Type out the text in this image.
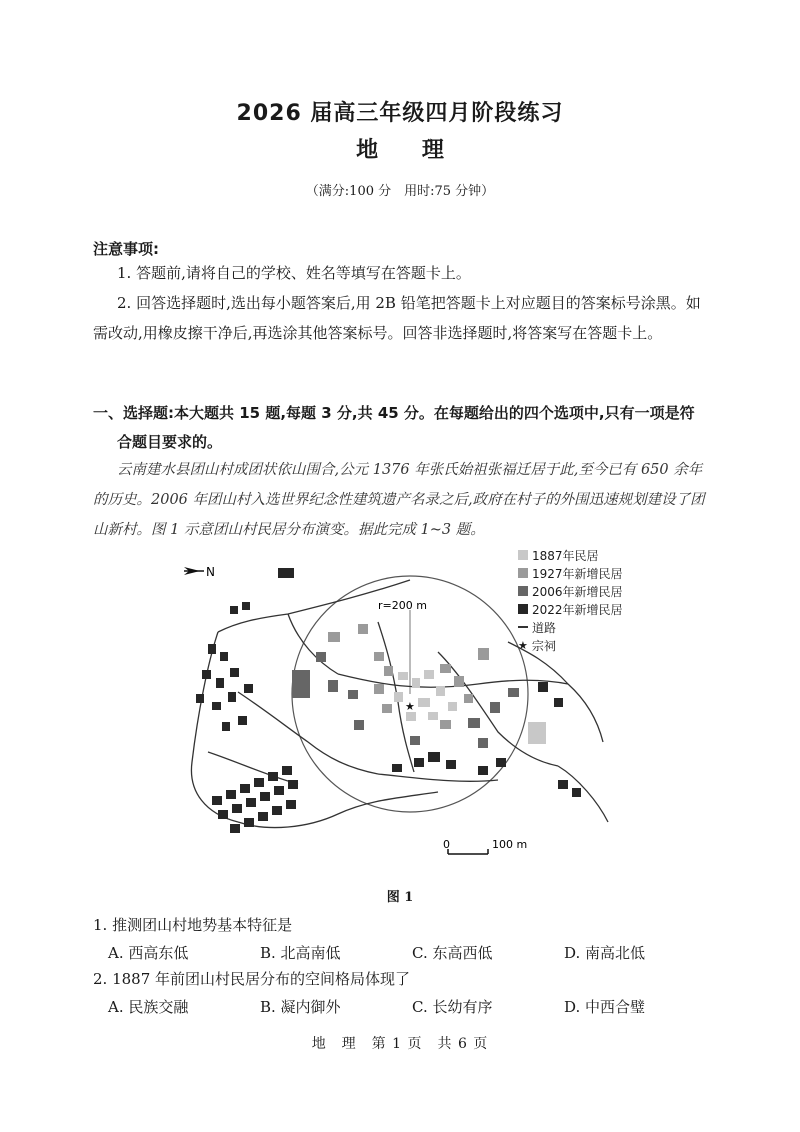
2026 届高三年级四月阶段练习
地 理
（满分:100 分　用时:75 分钟）
注意事项:
1. 答题前,请将自己的学校、姓名等填写在答题卡上。
2. 回答选择题时,选出每小题答案后,用 2B 铅笔把答题卡上对应题目的答案标号涂黑。如需改动,用橡皮擦干净后,再选涂其他答案标号。回答非选择题时,将答案写在答题卡上。
一、选择题:本大题共 15 题,每题 3 分,共 45 分。在每题给出的四个选项中,只有一项是符
合题目要求的。
云南建水县团山村成团状依山围合,公元 1376 年张氏始祖张福迁居于此,至今已有 650 余年的历史。2006 年团山村入选世界纪念性建筑遗产名录之后,政府在村子的外围迅速规划建设了团山新村。图 1 示意团山村民居分布演变。据此完成 1~3 题。
N
r=200 m
★
0	100 m
1887年民居
1927年新增民居
2006年新增民居
2022年新增民居
道路
★ 宗祠
图 1
1. 推测团山村地势基本特征是
A. 西高东低	B. 北高南低	C. 东高西低	D. 南高北低
2. 1887 年前团山村民居分布的空间格局体现了
A. 民族交融	B. 凝内御外	C. 长幼有序	D. 中西合璧
地　理　第 1 页　共 6 页
